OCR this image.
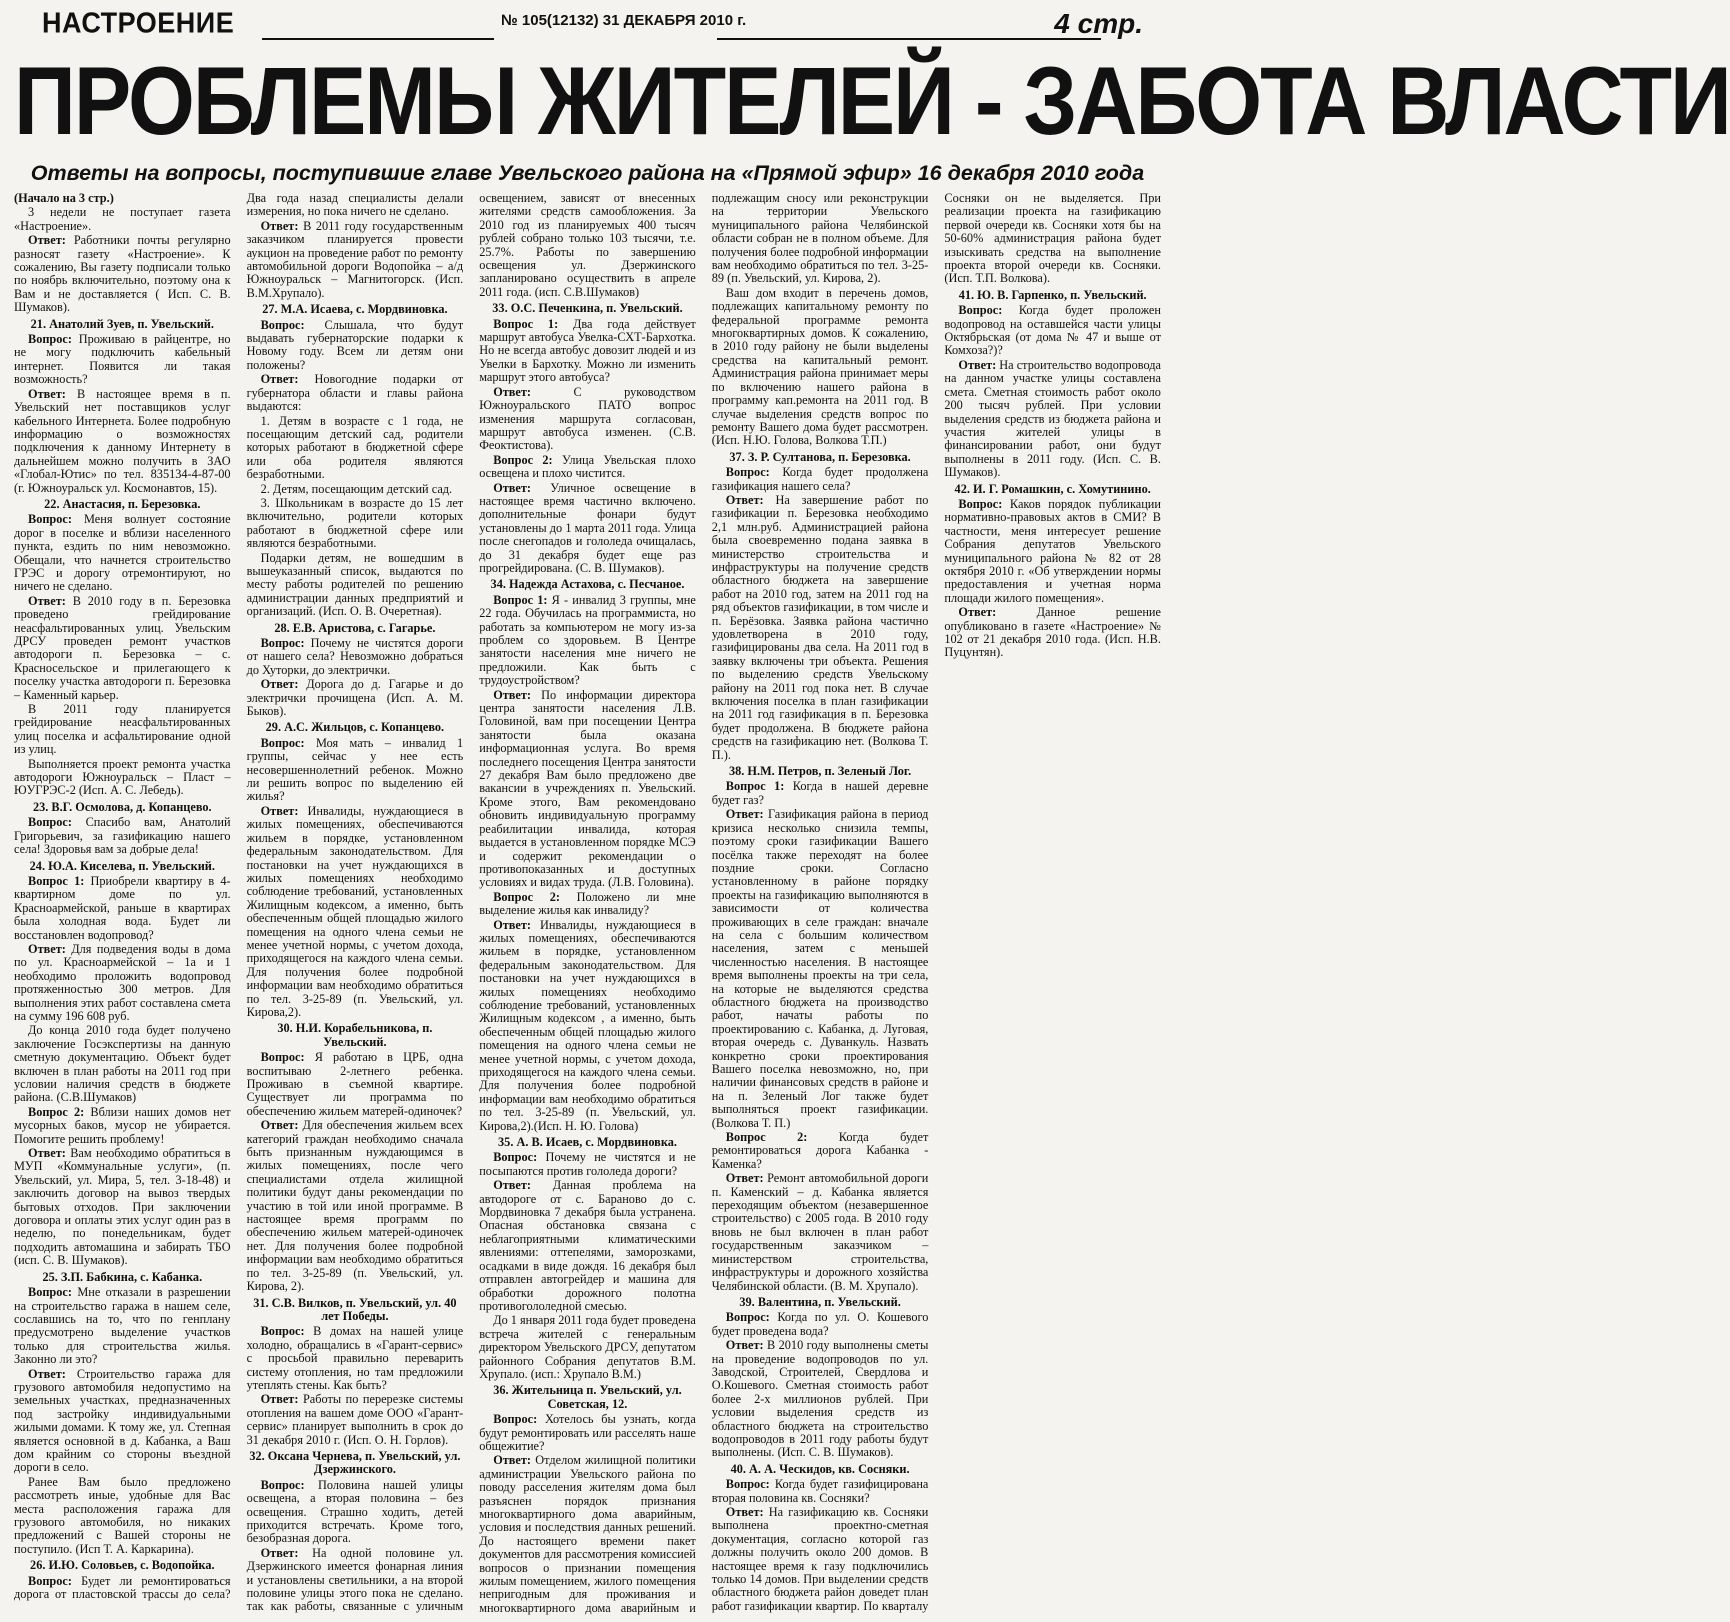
НАСТРОЕНИЕ	№ 105(12132) 31 ДЕКАБРЯ 2010 г.	4 стр.
ПРОБЛЕМЫ ЖИТЕЛЕЙ - ЗАБОТА ВЛАСТИ
Ответы на вопросы, поступившие главе Увельского района на «Прямой эфир» 16 декабря 2010 года

(Начало на 3 стр.)

3 недели не поступает газета «Настроение».

Ответ: Работники почты регулярно разносят газету «Настроение». К сожалению, Вы газету подписали только по ноябрь включительно, поэтому она к Вам и не доставляется ( Исп. С. В. Шумаков).

21. Анатолий Зуев, п. Увельский.

Вопрос: Проживаю в райцентре, но не могу подключить кабельный интернет. Появится ли такая возможность?

Ответ: В настоящее время в п. Увельский нет поставщиков услуг кабельного Интернета. Более подробную информацию о возможностях подключения к данному Интернету в дальнейшем можно получить в ЗАО «Глобал-Ютис» по тел. 835134-4-87-00 (г. Южноуральск ул. Космонавтов, 15).

22. Анастасия, п. Березовка.

Вопрос: Меня волнует состояние дорог в поселке и вблизи населенного пункта, ездить по ним невозможно. Обещали, что начнется строительство ГРЭС и дорогу отремонтируют, но ничего не сделано.

Ответ: В 2010 году в п. Березовка проведено грейдирование неасфальтированных улиц. Увельским ДРСУ проведен ремонт участков автодороги п. Березовка – с. Красносельское и прилегающего к поселку участка автодороги п. Березовка – Каменный карьер.

В 2011 году планируется грейдирование неасфальтированных улиц поселка и асфальтирование одной из улиц.

Выполняется проект ремонта участка автодороги Южноуральск – Пласт – ЮУГРЭС-2 (Исп. А. С. Лебедь).

23. В.Г. Осмолова, д. Копанцево.

Вопрос: Спасибо вам, Анатолий Григорьевич, за газификацию нашего села! Здоровья вам за добрые дела!

24. Ю.А. Киселева, п. Увельский.

Вопрос 1: Приобрели квартиру в 4-квартирном доме по ул. Красноармейской, раньше в квартирах была холодная вода. Будет ли восстановлен водопровод?

Ответ: Для подведения воды в дома по ул. Красноармейской – 1а и 1 необходимо проложить водопровод протяженностью 300 метров. Для выполнения этих работ составлена смета на сумму 196 608 руб.

До конца 2010 года будет получено заключение Госэкспертизы на данную сметную документацию. Объект будет включен в план работы на 2011 год при условии наличия средств в бюджете района. (С.В.Шумаков)

Вопрос 2: Вблизи наших домов нет мусорных баков, мусор не убирается. Помогите решить проблему!

Ответ: Вам необходимо обратиться в МУП «Коммунальные услуги», (п. Увельский, ул. Мира, 5, тел. 3-18-48) и заключить договор на вывоз твердых бытовых отходов. При заключении договора и оплаты этих услуг один раз в неделю, по понедельникам, будет подходить автомашина и забирать ТБО (исп. С. В. Шумаков).

25. З.П. Бабкина, с. Кабанка.

Вопрос: Мне отказали в разрешении на строительство гаража в нашем селе, сославшись на то, что по генплану предусмотрено выделение участков только для строительства жилья. Законно ли это?

Ответ: Строительство гаража для грузового автомобиля недопустимо на земельных участках, предназначенных под застройку индивидуальными жилыми домами. К тому же, ул. Степная является основной в д. Кабанка, а Ваш дом крайним со стороны въездной дороги в село.

Ранее Вам было предложено рассмотреть иные, удобные для Вас места расположения гаража для грузового автомобиля, но никаких предложений с Вашей стороны не поступило. (Исп Т. А. Каркарина).

26. И.Ю. Соловьев, с. Водопойка.

Вопрос: Будет ли ремонтироваться дорога от пластовской трассы до села? Два года назад специалисты делали измерения, но пока ничего не сделано.

Ответ: В 2011 году государственным заказчиком планируется провести аукцион на проведение работ по ремонту автомобильной дороги Водопойка – а/д Южноуральск – Магнитогорск. (Исп. В.М.Хрупало).

27. М.А. Исаева, с. Мордвиновка.

Вопрос: Слышала, что будут выдавать губернаторские подарки к Новому году. Всем ли детям они положены?

Ответ: Новогодние подарки от губернатора области и главы района выдаются:

1. Детям в возрасте с 1 года, не посещающим детский сад, родители которых работают в бюджетной сфере или оба родителя являются безработными.

2. Детям, посещающим детский сад.

3. Школьникам в возрасте до 15 лет включительно, родители которых работают в бюджетной сфере или являются безработными.

Подарки детям, не вошедшим в вышеуказанный список, выдаются по месту работы родителей по решению администрации данных предприятий и организаций. (Исп. О. В. Очеретная).

28. Е.В. Аристова, с. Гагарье.

Вопрос: Почему не чистятся дороги от нашего села? Невозможно добраться до Хуторки, до электрички.

Ответ: Дорога до д. Гагарье и до электрички прочищена (Исп. А. М. Быков).

29. А.С. Жильцов, с. Копанцево.

Вопрос: Моя мать – инвалид 1 группы, сейчас у нее есть несовершеннолетний ребенок. Можно ли решить вопрос по выделению ей жилья?

Ответ: Инвалиды, нуждающиеся в жилых помещениях, обеспечиваются жильем в порядке, установленном федеральным законодательством. Для постановки на учет нуждающихся в жилых помещениях необходимо соблюдение требований, установленных Жилищным кодексом, а именно, быть обеспеченным общей площадью жилого помещения на одного члена семьи не менее учетной нормы, с учетом дохода, приходящегося на каждого члена семьи. Для получения более подробной информации вам необходимо обратиться по тел. 3-25-89 (п. Увельский, ул. Кирова,2).

30. Н.И. Корабельникова, п. Увельский.

Вопрос: Я работаю в ЦРБ, одна воспитываю 2-летнего ребенка. Проживаю в съемной квартире. Существует ли программа по обеспечению жильем матерей-одиночек?

Ответ: Для обеспечения жильем всех категорий граждан необходимо сначала быть признанным нуждающимся в жилых помещениях, после чего специалистами отдела жилищной политики будут даны рекомендации по участию в той или иной программе. В настоящее время программ по обеспечению жильем матерей-одиночек нет. Для получения более подробной информации вам необходимо обратиться по тел. 3-25-89 (п. Увельский, ул. Кирова, 2).

31. С.В. Вилков, п. Увельский, ул. 40 лет Победы.

Вопрос: В домах на нашей улице холодно, обращались в «Гарант-сервис» с просьбой правильно переварить систему отопления, но там предложили утеплять стены. Как быть?

Ответ: Работы по перерезке системы отопления на вашем доме ООО «Гарант-сервис» планирует выполнить в срок до 31 декабря 2010 г. (Исп. О. Н. Горлов).

32. Оксана Чернева, п. Увельский, ул. Дзержинского.

Вопрос: Половина нашей улицы освещена, а вторая половина – без освещения. Страшно ходить, детей приходится встречать. Кроме того, безобразная дорога.

Ответ: На одной половине ул. Дзержинского имеется фонарная линия и установлены светильники, а на второй половине улицы этого пока не сделано. так как работы, связанные с уличным освещением, зависят от внесенных жителями средств самообложения. За 2010 год из планируемых 400 тысяч рублей собрано только 103 тысячи, т.е. 25.7%. Работы по завершению освещения ул. Дзержинского запланировано осуществить в апреле 2011 года. (исп. С.В.Шумаков)

33. О.С. Печенкина, п. Увельский.

Вопрос 1: Два года действует маршрут автобуса Увелка-СХТ-Бархотка. Но не всегда автобус довозит людей и из Увелки в Бархотку. Можно ли изменить маршрут этого автобуса?

Ответ: С руководством Южноуральского ПАТО вопрос изменения маршрута согласован, маршрут автобуса изменен. (С.В. Феоктистова).

Вопрос 2: Улица Увельская плохо освещена и плохо чистится.

Ответ: Уличное освещение в настоящее время частично включено. дополнительные фонари будут установлены до 1 марта 2011 года. Улица после снегопадов и гололеда очищалась, до 31 декабря будет еще раз прогрейдирована. (С. В. Шумаков).

34. Надежда Астахова, с. Песчаное.

Вопрос 1: Я - инвалид 3 группы, мне 22 года. Обучилась на программиста, но работать за компьютером не могу из-за проблем со здоровьем. В Центре занятости населения мне ничего не предложили. Как быть с трудоустройством?

Ответ: По информации директора центра занятости населения Л.В. Головиной, вам при посещении Центра занятости была оказана информационная услуга. Во время последнего посещения Центра занятости 27 декабря Вам было предложено две вакансии в учреждениях п. Увельский. Кроме этого, Вам рекомендовано обновить индивидуальную программу реабилитации инвалида, которая выдается в установленном порядке МСЭ и содержит рекомендации о противопоказанных и доступных условиях и видах труда. (Л.В. Головина).

Вопрос 2: Положено ли мне выделение жилья как инвалиду?

Ответ: Инвалиды, нуждающиеся в жилых помещениях, обеспечиваются жильем в порядке, установленном федеральным законодательством. Для постановки на учет нуждающихся в жилых помещениях необходимо соблюдение требований, установленных Жилищным кодексом , а именно, быть обеспеченным общей площадью жилого помещения на одного члена семьи не менее учетной нормы, с учетом дохода, приходящегося на каждого члена семьи. Для получения более подробной информации вам необходимо обратиться по тел. 3-25-89 (п. Увельский, ул. Кирова,2).(Исп. Н. Ю. Голова)

35. А. В. Исаев, с. Мордвиновка.

Вопрос: Почему не чистятся и не посыпаются против гололеда дороги?

Ответ: Данная проблема на автодороге от с. Бараново до с. Мордвиновка 7 декабря была устранена. Опасная обстановка связана с неблагоприятными климатическими явлениями: оттепелями, заморозками, осадками в виде дождя. 16 декабря был отправлен автогрейдер и машина для обработки дорожного полотна противогололедной смесью.

До 1 января 2011 года будет проведена встреча жителей с генеральным директором Увельского ДРСУ, депутатом районного Собрания депутатов В.М. Хрупало. (исп.: Хрупало В.М.)

36. Жительница п. Увельский, ул. Советская, 12.

Вопрос: Хотелось бы узнать, когда будут ремонтировать или расселять наше общежитие?

Ответ: Отделом жилищной политики администрации Увельского района по поводу расселения жителям дома был разъяснен порядок признания многоквартирного дома аварийным, условия и последствия данных решений. До настоящего времени пакет документов для рассмотрения комиссией вопросов о признании помещения жилым помещением, жилого помещения непригодным для проживания и многоквартирного дома аварийным и подлежащим сносу или реконструкции на территории Увельского муниципального района Челябинской области собран не в полном объеме. Для получения более подробной информации вам необходимо обратиться по тел. 3-25-89 (п. Увельский, ул. Кирова, 2).

Ваш дом входит в перечень домов, подлежащих капитальному ремонту по федеральной программе ремонта многоквартирных домов. К сожалению, в 2010 году району не были выделены средства на капитальный ремонт. Администрация района принимает меры по включению нашего района в программу кап.ремонта на 2011 год. В случае выделения средств вопрос по ремонту Вашего дома будет рассмотрен. (Исп. Н.Ю. Голова, Волкова Т.П.)

37. З. Р. Султанова, п. Березовка.

Вопрос: Когда будет продолжена газификация нашего села?

Ответ: На завершение работ по газификации п. Березовка необходимо 2,1 млн.руб. Администрацией района была своевременно подана заявка в министерство строительства и инфраструктуры на получение средств областного бюджета на завершение работ на 2010 год, затем на 2011 год на ряд объектов газификации, в том числе и п. Берёзовка. Заявка района частично удовлетворена в 2010 году, газифицированы два села. На 2011 год в заявку включены три объекта. Решения по выделению средств Увельскому району на 2011 год пока нет. В случае включения поселка в план газификации на 2011 год газификация в п. Березовка будет продолжена. В бюджете района средств на газификацию нет. (Волкова Т. П.).

38. Н.М. Петров, п. Зеленый Лог.

Вопрос 1: Когда в нашей деревне будет газ?

Ответ: Газификация района в период кризиса несколько снизила темпы, поэтому сроки газификации Вашего посёлка также переходят на более поздние сроки. Согласно установленному в районе порядку проекты на газификацию выполняются в зависимости от количества проживающих в селе граждан: вначале на села с большим количеством населения, затем с меньшей численностью населения. В настоящее время выполнены проекты на три села, на которые не выделяются средства областного бюджета на производство работ, начаты работы по проектированию с. Кабанка, д. Луговая, вторая очередь с. Дуванкуль. Назвать конкретно сроки проектирования Вашего поселка невозможно, но, при наличии финансовых средств в районе и на п. Зеленый Лог также будет выполняться проект газификации. (Волкова Т. П.)

Вопрос 2: Когда будет ремонтироваться дорога Кабанка - Каменка?

Ответ: Ремонт автомобильной дороги п. Каменский – д. Кабанка является переходящим объектом (незавершенное строительство) с 2005 года. В 2010 году вновь не был включен в план работ государственным заказчиком – министерством строительства, инфраструктуры и дорожного хозяйства Челябинской области. (В. М. Хрупало).

39. Валентина, п. Увельский.

Вопрос: Когда по ул. О. Кошевого будет проведена вода?

Ответ: В 2010 году выполнены сметы на проведение водопроводов по ул. Заводской, Строителей, Свердлова и О.Кошевого. Сметная стоимость работ более 2-х миллионов рублей. При условии выделения средств из областного бюджета на строительство водопроводов в 2011 году работы будут выполнены. (Исп. С. В. Шумаков).

40. А. А. Ческидов, кв. Сосняки.

Вопрос: Когда будет газифицирована вторая половина кв. Сосняки?

Ответ: На газификацию кв. Сосняки выполнена проектно-сметная документация, согласно которой газ должны получить около 200 домов. В настоящее время к газу подключились только 14 домов. При выделении средств областного бюджета район доведет план работ газификации квартир. По кварталу Сосняки он не выделяется. При реализации проекта на газификацию первой очереди кв. Сосняки хотя бы на 50-60% администрация района будет изыскивать средства на выполнение проекта второй очереди кв. Сосняки. (Исп. Т.П. Волкова).

41. Ю. В. Гарпенко, п. Увельский.

Вопрос: Когда будет проложен водопровод на оставшейся части улицы Октябрьская (от дома № 47 и выше от Комхоза?)?

Ответ: На строительство водопровода на данном участке улицы составлена смета. Сметная стоимость работ около 200 тысяч рублей. При условии выделения средств из бюджета района и участия жителей улицы в финансировании работ, они будут выполнены в 2011 году. (Исп. С. В. Шумаков).

42. И. Г. Ромашкин, с. Хомутинино.

Вопрос: Каков порядок публикации нормативно-правовых актов в СМИ? В частности, меня интересует решение Собрания депутатов Увельского муниципального района № 82 от 28 октября 2010 г. «Об утверждении нормы предоставления и учетная норма площади жилого помещения».

Ответ: Данное решение опубликовано в газете «Настроение» № 102 от 21 декабря 2010 года. (Исп. Н.В. Пуцунтян).
